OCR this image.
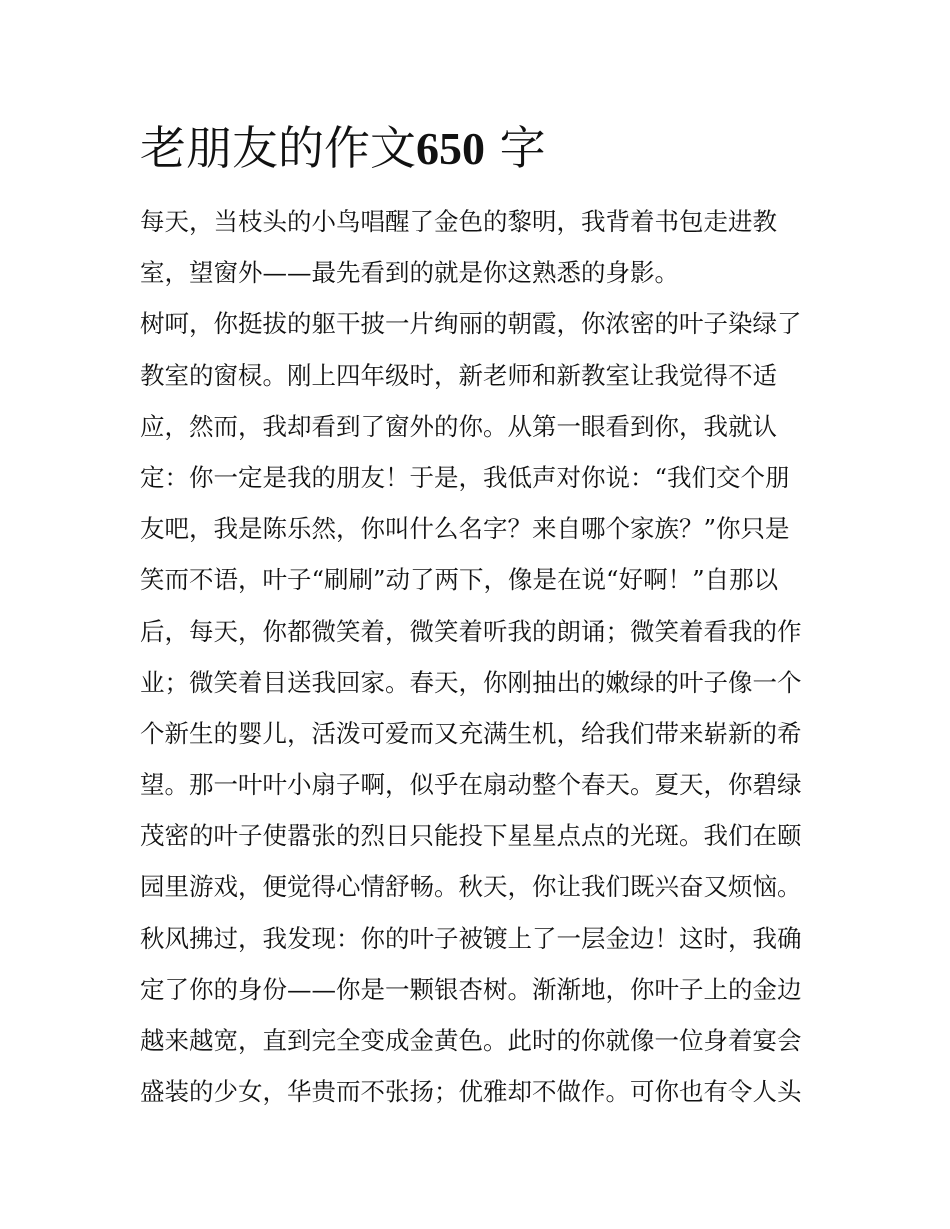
老朋友的作文650 字

每天，当枝头的小鸟唱醒了金色的黎明，我背着书包走进教

室，望窗外——最先看到的就是你这熟悉的身影。

树呵，你挺拔的躯干披一片绚丽的朝霞，你浓密的叶子染绿了

教室的窗棂。刚上四年级时，新老师和新教室让我觉得不适

应，然而，我却看到了窗外的你。从第一眼看到你，我就认

定：你一定是我的朋友！于是，我低声对你说：“我们交个朋

友吧，我是陈乐然，你叫什么名字？来自哪个家族？”你只是

笑而不语，叶子“刷刷”动了两下，像是在说“好啊！”自那以

后，每天，你都微笑着，微笑着听我的朗诵；微笑着看我的作

业；微笑着目送我回家。春天，你刚抽出的嫩绿的叶子像一个

个新生的婴儿，活泼可爱而又充满生机，给我们带来崭新的希

望。那一叶叶小扇子啊，似乎在扇动整个春天。夏天，你碧绿

茂密的叶子使嚣张的烈日只能投下星星点点的光斑。我们在颐

园里游戏，便觉得心情舒畅。秋天，你让我们既兴奋又烦恼。

秋风拂过，我发现：你的叶子被镀上了一层金边！这时，我确

定了你的身份——你是一颗银杏树。渐渐地，你叶子上的金边

越来越宽，直到完全变成金黄色。此时的你就像一位身着宴会

盛装的少女，华贵而不张扬；优雅却不做作。可你也有令人头
